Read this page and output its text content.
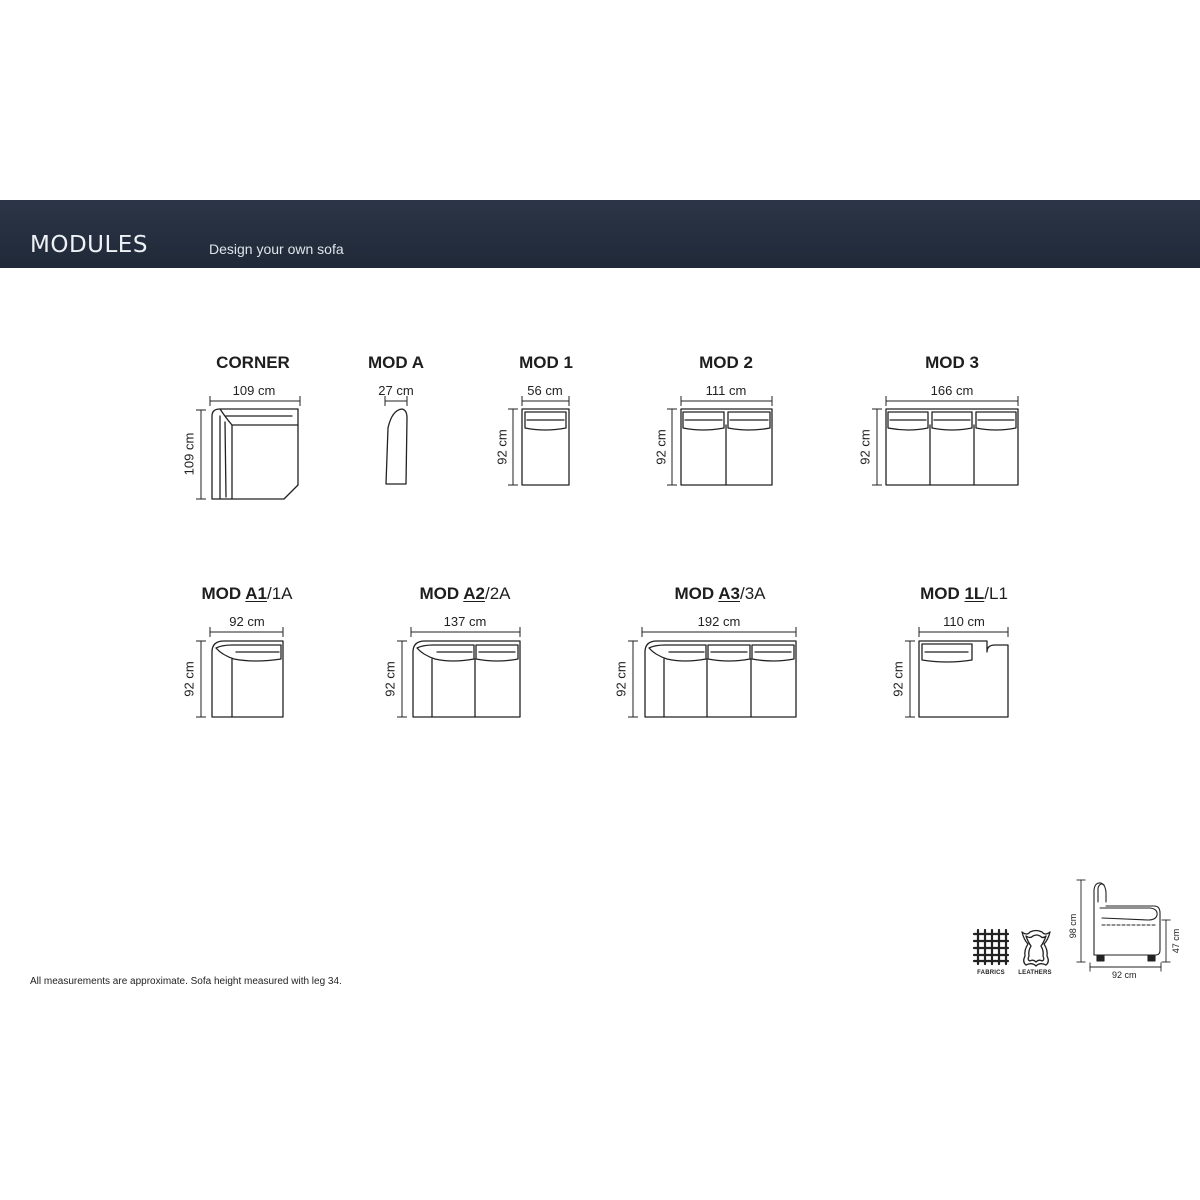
MODULES	Design your own sofa
CORNER	MOD A	MOD 1	MOD 2	MOD 3
MOD A1/1A	MOD A2/2A	MOD A3/3A	MOD 1L/L1
109 cm	27 cm	56 cm	111 cm	166 cm
92 cm	137 cm	192 cm	110 cm
109 cm	92 cm	92 cm	92 cm
92 cm	92 cm	92 cm	92 cm
All measurements are approximate. Sofa height measured with leg 34.
FABRICS LEATHERS
98 cm
47 cm
92 cm
